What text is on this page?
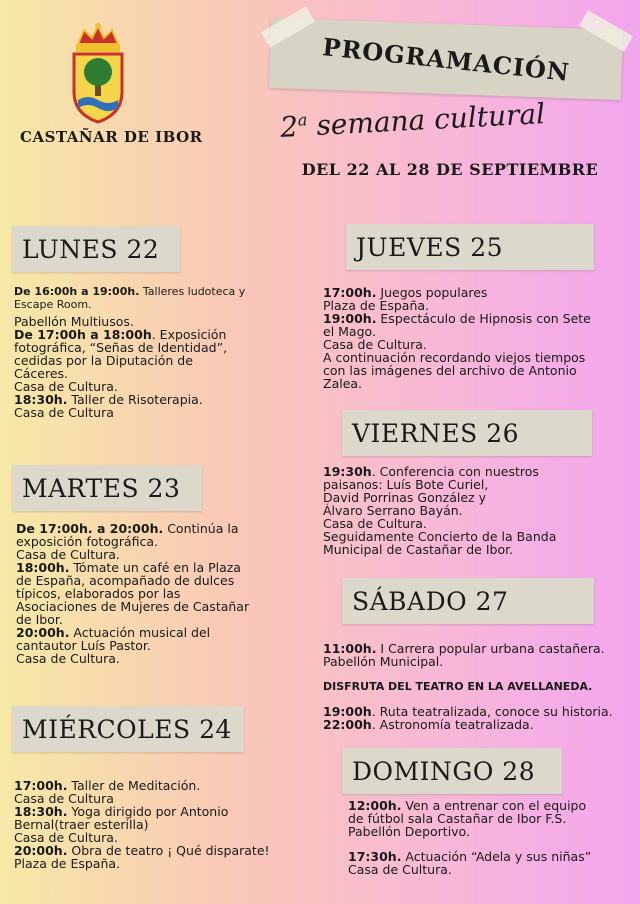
CASTAÑAR DE IBOR
PROGRAMACIÓN
2$^a$ semana cultural
DEL 22 AL 28 DE SEPTIEMBRE
LUNES 22

De 16:00h a 19:00h. Talleres ludoteca y

Escape Room.

Pabellón Multiusos.

De 17:00h a 18:00h. Exposición

fotográfica, “Señas de Identidad”,

cedidas por la Diputación de

Cáceres.

Casa de Cultura.

18:30h. Taller de Risoterapia.

Casa de Cultura

MARTES 23

De 17:00h. a 20:00h. Continúa la

exposición fotográfica.

Casa de Cultura.

18:00h. Tómate un café en la Plaza

de España, acompañado de dulces

típicos, elaborados por las

Asociaciones de Mujeres de Castañar

de Ibor.

20:00h. Actuación musical del

cantautor Luís Pastor.

Casa de Cultura.

MIÉRCOLES 24

17:00h. Taller de Meditación.

Casa de Cultura

18:30h. Yoga dirigido por Antonio

Bernal(traer esterilla)

Casa de Cultura.

20:00h. Obra de teatro ¡ Qué disparate!

Plaza de España.

JUEVES 25

17:00h. Juegos populares

Plaza de España.

19:00h. Espectáculo de Hipnosis con Sete

el Mago.

Casa de Cultura.

A continuación recordando viejos tiempos

con las imágenes del archivo de Antonio

Zalea.

VIERNES 26

19:30h. Conferencia con nuestros

paisanos: Luís Bote Curiel,

David Porrinas González y

Álvaro Serrano Bayán.

Casa de Cultura.

Seguidamente Concierto de la Banda

Municipal de Castañar de Ibor.

SÁBADO 27

11:00h. I Carrera popular urbana castañera.

Pabellón Municipal.

DISFRUTA DEL TEATRO EN LA AVELLANEDA.

19:00h. Ruta teatralizada, conoce su historia.

22:00h. Astronomía teatralizada.

DOMINGO 28

12:00h. Ven a entrenar con el equipo

de fútbol sala Castañar de Ibor F.S.

Pabellón Deportivo.

17:30h. Actuación “Adela y sus niñas”

Casa de Cultura.
